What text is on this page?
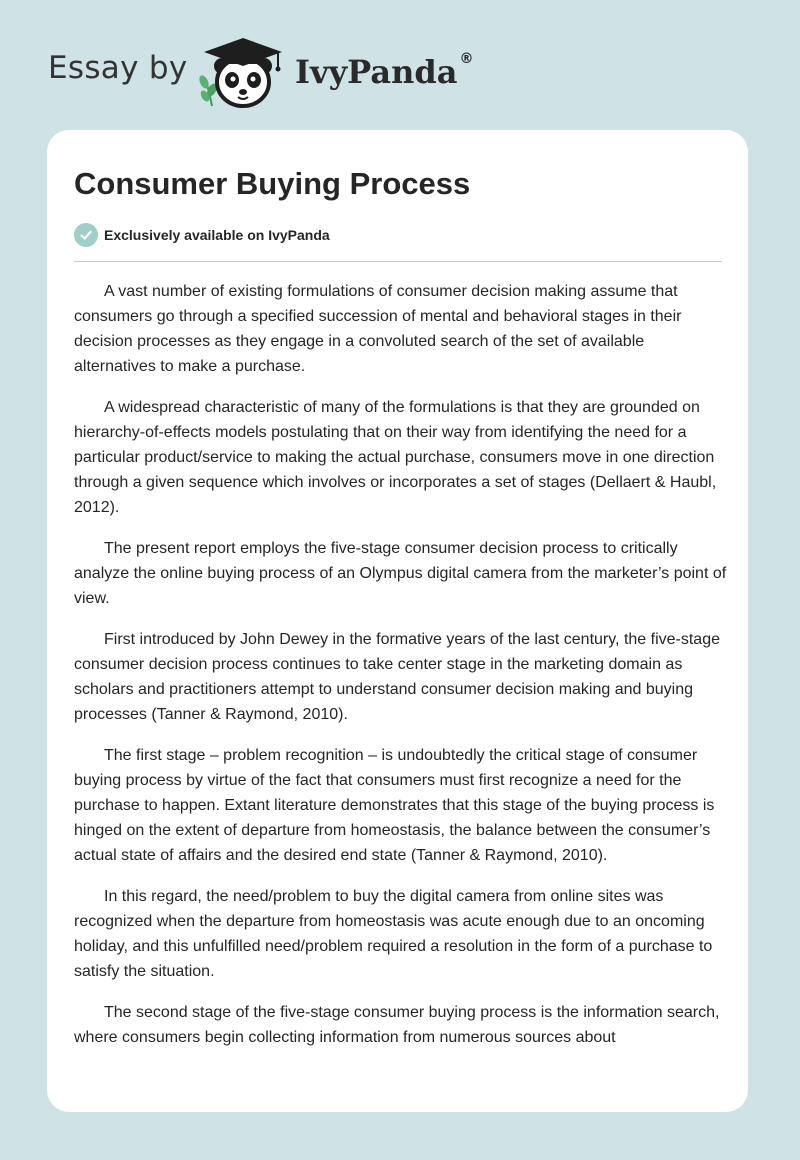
Essay by	IvyPanda ®
Consumer Buying Process
Exclusively available on IvyPanda

A vast number of existing formulations of consumer decision making assume that consumers go through a specified succession of mental and behavioral stages in their decision processes as they engage in a convoluted search of the set of available alternatives to make a purchase.

A widespread characteristic of many of the formulations is that they are grounded on hierarchy-of-effects models postulating that on their way from identifying the need for a particular product/service to making the actual purchase, consumers move in one direction through a given sequence which involves or incorporates a set of stages (Dellaert & Haubl, 2012).

The present report employs the five-stage consumer decision process to critically analyze the online buying process of an Olympus digital camera from the marketer’s point of view.

First introduced by John Dewey in the formative years of the last century, the five-stage consumer decision process continues to take center stage in the marketing domain as scholars and practitioners attempt to understand consumer decision making and buying processes (Tanner & Raymond, 2010).

The first stage – problem recognition – is undoubtedly the critical stage of consumer buying process by virtue of the fact that consumers must first recognize a need for the purchase to happen. Extant literature demonstrates that this stage of the buying process is hinged on the extent of departure from homeostasis, the balance between the consumer’s actual state of affairs and the desired end state (Tanner & Raymond, 2010).

In this regard, the need/problem to buy the digital camera from online sites was recognized when the departure from homeostasis was acute enough due to an oncoming holiday, and this unfulfilled need/problem required a resolution in the form of a purchase to satisfy the situation.

The second stage of the five-stage consumer buying process is the information search, where consumers begin collecting information from numerous sources about
